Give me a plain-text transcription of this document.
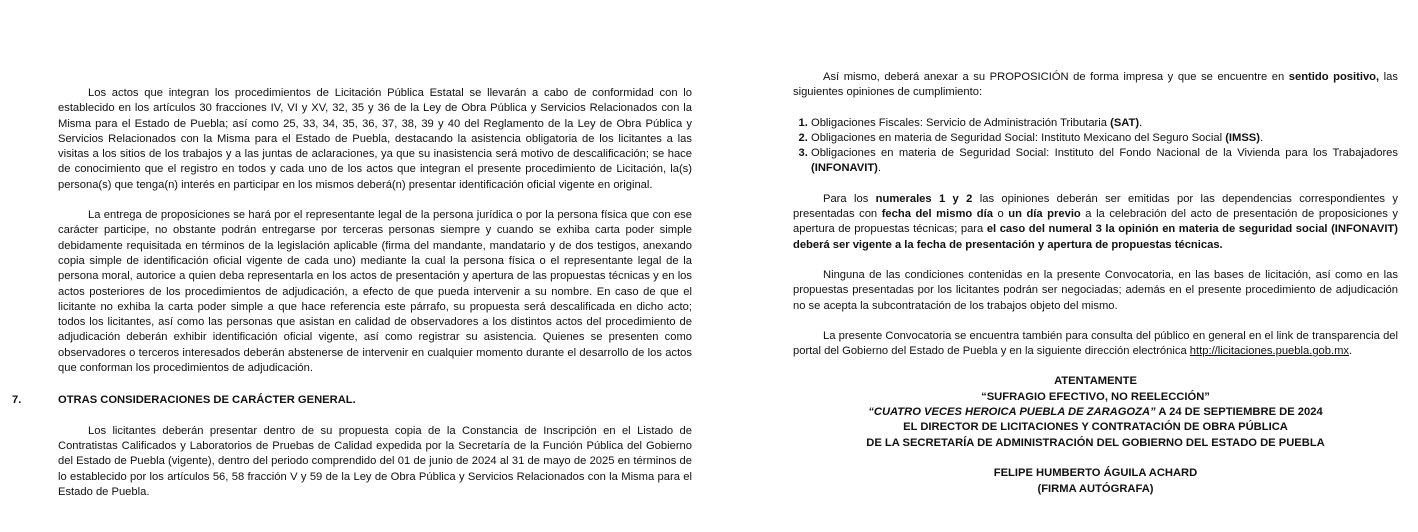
Los actos que integran los procedimientos de Licitación Pública Estatal se llevarán a cabo de conformidad con lo establecido en los artículos 30 fracciones IV, VI y XV, 32, 35 y 36 de la Ley de Obra Pública y Servicios Relacionados con la Misma para el Estado de Puebla; así como 25, 33, 34, 35, 36, 37, 38, 39 y 40 del Reglamento de la Ley de Obra Pública y Servicios Relacionados con la Misma para el Estado de Puebla, destacando la asistencia obligatoria de los licitantes a las visitas a los sitios de los trabajos y a las juntas de aclaraciones, ya que su inasistencia será motivo de descalificación; se hace de conocimiento que el registro en todos y cada uno de los actos que integran el presente procedimiento de Licitación, la(s) persona(s) que tenga(n) interés en participar en los mismos deberá(n) presentar identificación oficial vigente en original.

La entrega de proposiciones se hará por el representante legal de la persona jurídica o por la persona física que con ese carácter participe, no obstante podrán entregarse por terceras personas siempre y cuando se exhiba carta poder simple debidamente requisitada en términos de la legislación aplicable (firma del mandante, mandatario y de dos testigos, anexando copia simple de identificación oficial vigente de cada uno) mediante la cual la persona física o el representante legal de la persona moral, autorice a quien deba representarla en los actos de presentación y apertura de las propuestas técnicas y en los actos posteriores de los procedimientos de adjudicación, a efecto de que pueda intervenir a su nombre. En caso de que el licitante no exhiba la carta poder simple a que hace referencia este párrafo, su propuesta será descalificada en dicho acto; todos los licitantes, así como las personas que asistan en calidad de observadores a los distintos actos del procedimiento de adjudicación deberán exhibir identificación oficial vigente, así como registrar su asistencia. Quienes se presenten como observadores o terceros interesados deberán abstenerse de intervenir en cualquier momento durante el desarrollo de los actos que conforman los procedimientos de adjudicación.

7.	OTRAS CONSIDERACIONES DE CARÁCTER GENERAL.

Los licitantes deberán presentar dentro de su propuesta copia de la Constancia de Inscripción en el Listado de Contratistas Calificados y Laboratorios de Pruebas de Calidad expedida por la Secretaría de la Función Pública del Gobierno del Estado de Puebla (vigente), dentro del periodo comprendido del 01 de junio de 2024 al 31 de mayo de 2025 en términos de lo establecido por los artículos 56, 58 fracción V y 59 de la Ley de Obra Pública y Servicios Relacionados con la Misma para el Estado de Puebla.

Así mismo, deberá anexar a su PROPOSICIÓN de forma impresa y que se encuentre en sentido positivo, las siguientes opiniones de cumplimiento:

1. Obligaciones Fiscales: Servicio de Administración Tributaria (SAT).
2. Obligaciones en materia de Seguridad Social: Instituto Mexicano del Seguro Social (IMSS).
3. Obligaciones en materia de Seguridad Social: Instituto del Fondo Nacional de la Vivienda para los Trabajadores (INFONAVIT).

Para los numerales 1 y 2 las opiniones deberán ser emitidas por las dependencias correspondientes y presentadas con fecha del mismo día o un día previo a la celebración del acto de presentación de proposiciones y apertura de propuestas técnicas; para el caso del numeral 3 la opinión en materia de seguridad social (INFONAVIT) deberá ser vigente a la fecha de presentación y apertura de propuestas técnicas.

Ninguna de las condiciones contenidas en la presente Convocatoria, en las bases de licitación, así como en las propuestas presentadas por los licitantes podrán ser negociadas; además en el presente procedimiento de adjudicación no se acepta la subcontratación de los trabajos objeto del mismo.

La presente Convocatoria se encuentra también para consulta del público en general en el link de transparencia del portal del Gobierno del Estado de Puebla y en la siguiente dirección electrónica http://licitaciones.puebla.gob.mx.

ATENTAMENTE
“SUFRAGIO EFECTIVO, NO REELECCIÓN”
“CUATRO VECES HEROICA PUEBLA DE ZARAGOZA” A 24 DE SEPTIEMBRE DE 2024
EL DIRECTOR DE LICITACIONES Y CONTRATACIÓN DE OBRA PÚBLICA
DE LA SECRETARÍA DE ADMINISTRACIÓN DEL GOBIERNO DEL ESTADO DE PUEBLA
FELIPE HUMBERTO ÁGUILA ACHARD
(FIRMA AUTÓGRAFA)
